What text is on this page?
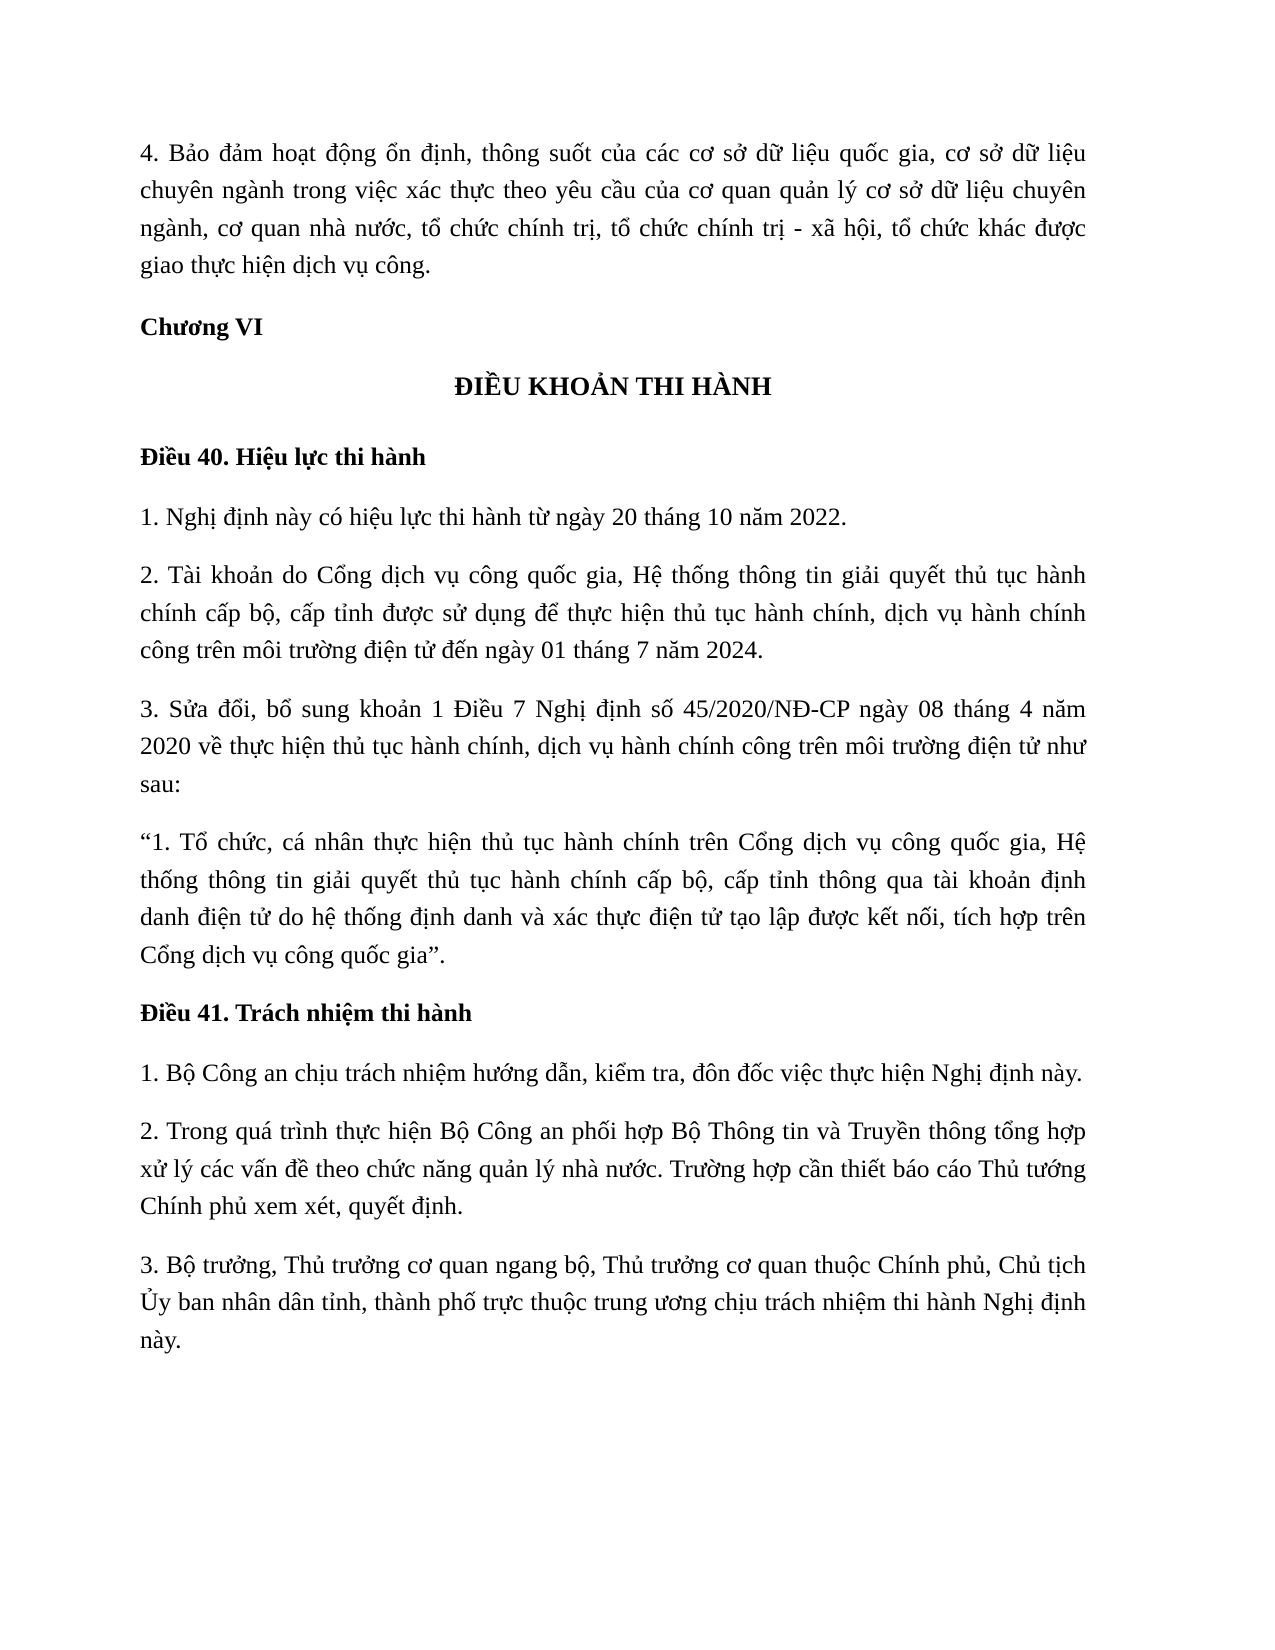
4. Bảo đảm hoạt động ổn định, thông suốt của các cơ sở dữ liệu quốc gia, cơ sở dữ liệu chuyên ngành trong việc xác thực theo yêu cầu của cơ quan quản lý cơ sở dữ liệu chuyên ngành, cơ quan nhà nước, tổ chức chính trị, tổ chức chính trị - xã hội, tổ chức khác được giao thực hiện dịch vụ công.

Chương VI

ĐIỀU KHOẢN THI HÀNH

Điều 40. Hiệu lực thi hành

1. Nghị định này có hiệu lực thi hành từ ngày 20 tháng 10 năm 2022.

2. Tài khoản do Cổng dịch vụ công quốc gia, Hệ thống thông tin giải quyết thủ tục hành chính cấp bộ, cấp tỉnh được sử dụng để thực hiện thủ tục hành chính, dịch vụ hành chính công trên môi trường điện tử đến ngày 01 tháng 7 năm 2024.

3. Sửa đổi, bổ sung khoản 1 Điều 7 Nghị định số 45/2020/NĐ-CP ngày 08 tháng 4 năm 2020 về thực hiện thủ tục hành chính, dịch vụ hành chính công trên môi trường điện tử như sau:

“1. Tổ chức, cá nhân thực hiện thủ tục hành chính trên Cổng dịch vụ công quốc gia, Hệ thống thông tin giải quyết thủ tục hành chính cấp bộ, cấp tỉnh thông qua tài khoản định danh điện tử do hệ thống định danh và xác thực điện tử tạo lập được kết nối, tích hợp trên Cổng dịch vụ công quốc gia”.

Điều 41. Trách nhiệm thi hành

1. Bộ Công an chịu trách nhiệm hướng dẫn, kiểm tra, đôn đốc việc thực hiện Nghị định này.

2. Trong quá trình thực hiện Bộ Công an phối hợp Bộ Thông tin và Truyền thông tổng hợp xử lý các vấn đề theo chức năng quản lý nhà nước. Trường hợp cần thiết báo cáo Thủ tướng Chính phủ xem xét, quyết định.

3. Bộ trưởng, Thủ trưởng cơ quan ngang bộ, Thủ trưởng cơ quan thuộc Chính phủ, Chủ tịch Ủy ban nhân dân tỉnh, thành phố trực thuộc trung ương chịu trách nhiệm thi hành Nghị định này.
